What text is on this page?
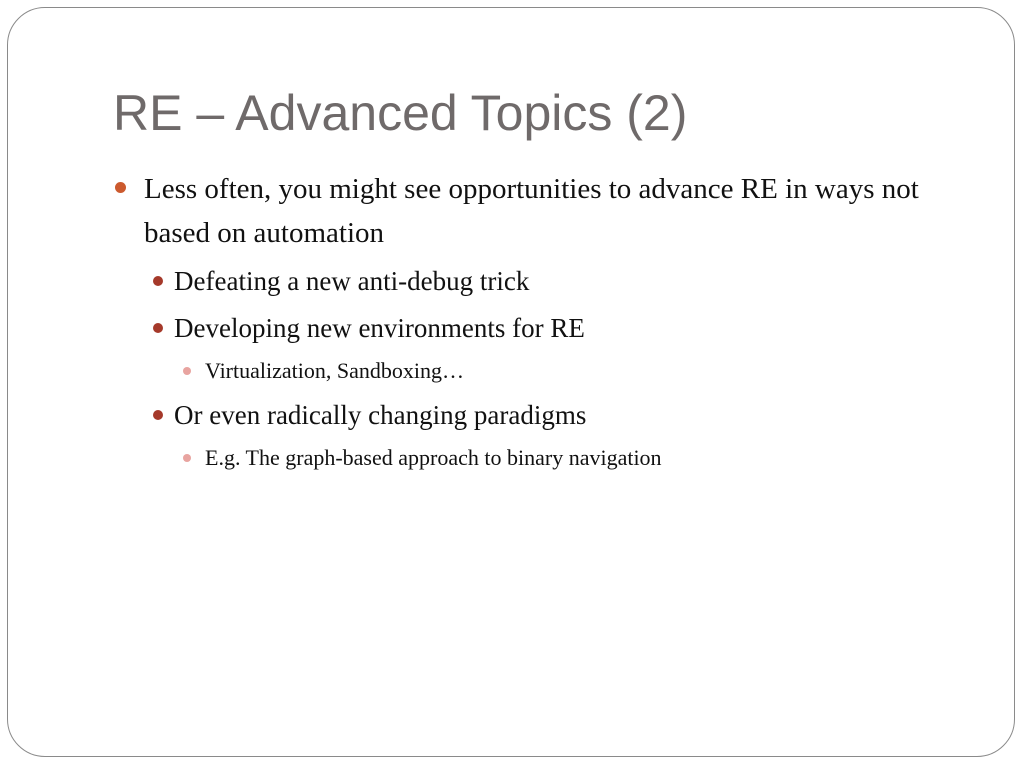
RE – Advanced Topics (2)
Less often, you might see opportunities to advance RE in ways not based on automation
Defeating a new anti-debug trick
Developing new environments for RE
Virtualization, Sandboxing…
Or even radically changing paradigms
E.g. The graph-based approach to binary navigation
